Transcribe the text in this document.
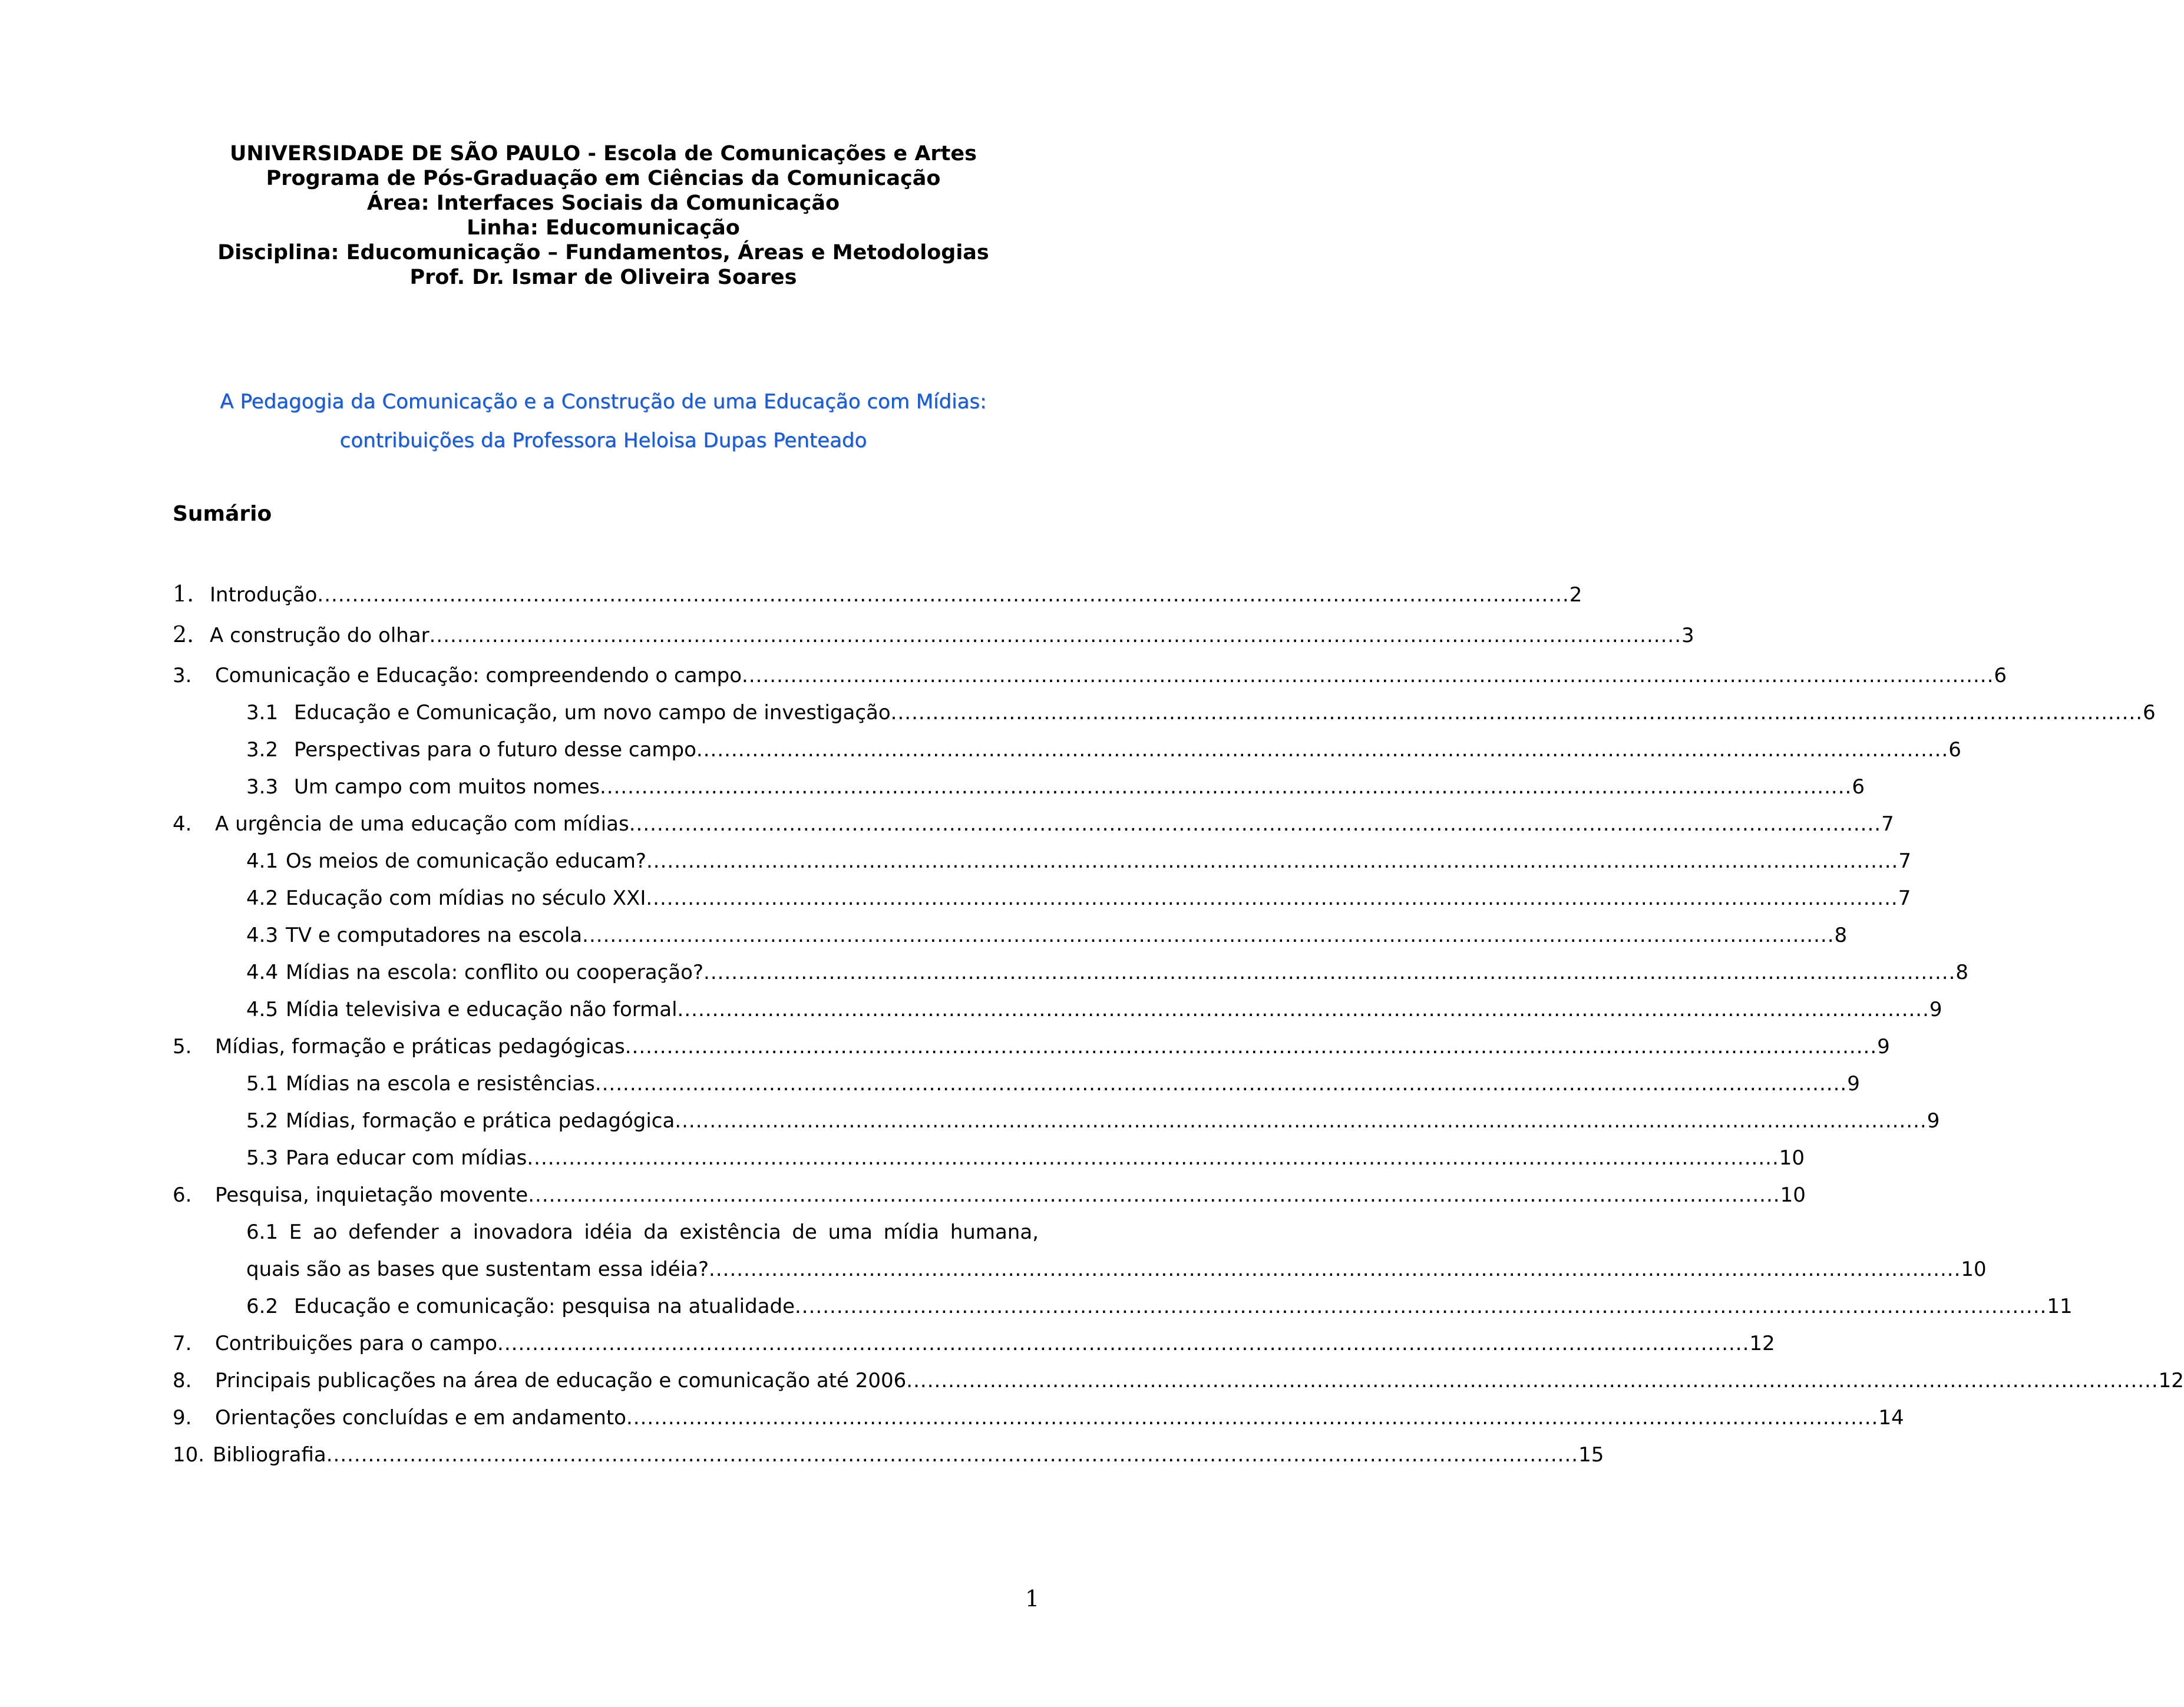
UNIVERSIDADE DE SÃO PAULO - Escola de Comunicações e Artes
Programa de Pós-Graduação em Ciências da Comunicação
Área: Interfaces Sociais da Comunicação
Linha: Educomunicação
Disciplina: Educomunicação – Fundamentos, Áreas e Metodologias
Prof. Dr. Ismar de Oliveira Soares
A Pedagogia da Comunicação e a Construção de uma Educação com Mídias:
contribuições da Professora Heloisa Dupas Penteado
Sumário
1. Introdução .................................................................................................................................................................................... 2
2. A construção do olhar .................................................................................................................................................................................... 3
3.	Comunicação e Educação: compreendendo o campo .................................................................................................................................................................................... 6
3.1 Educação e Comunicação, um novo campo de investigação .................................................................................................................................................................................... 6
3.2 Perspectivas para o futuro desse campo .................................................................................................................................................................................... 6
3.3 Um campo com muitos nomes .................................................................................................................................................................................... 6
4.	A urgência de uma educação com mídias .................................................................................................................................................................................... 7
4.1 Os meios de comunicação educam? .................................................................................................................................................................................... 7
4.2 Educação com mídias no século XXI .................................................................................................................................................................................... 7
4.3 TV e computadores na escola .................................................................................................................................................................................... 8
4.4 Mídias na escola: conflito ou cooperação? .................................................................................................................................................................................... 8
4.5 Mídia televisiva e educação não formal .................................................................................................................................................................................... 9
5.	Mídias, formação e práticas pedagógicas .................................................................................................................................................................................... 9
5.1 Mídias na escola e resistências .................................................................................................................................................................................... 9
5.2 Mídias, formação e prática pedagógica .................................................................................................................................................................................... 9
5.3 Para educar com mídias .................................................................................................................................................................................... 10
6.	Pesquisa, inquietação movente .................................................................................................................................................................................... 10
6.1 E ao defender a inovadora idéia da existência de uma mídia humana,
quais são as bases que sustentam essa idéia? .................................................................................................................................................................................... 10
6.2 Educação e comunicação: pesquisa na atualidade .................................................................................................................................................................................... 11
7.	Contribuições para o campo .................................................................................................................................................................................... 12
8.	Principais publicações na área de educação e comunicação até 2006 .................................................................................................................................................................................... 12
9.	Orientações concluídas e em andamento .................................................................................................................................................................................... 14
10. Bibliografia .................................................................................................................................................................................... 15
1
